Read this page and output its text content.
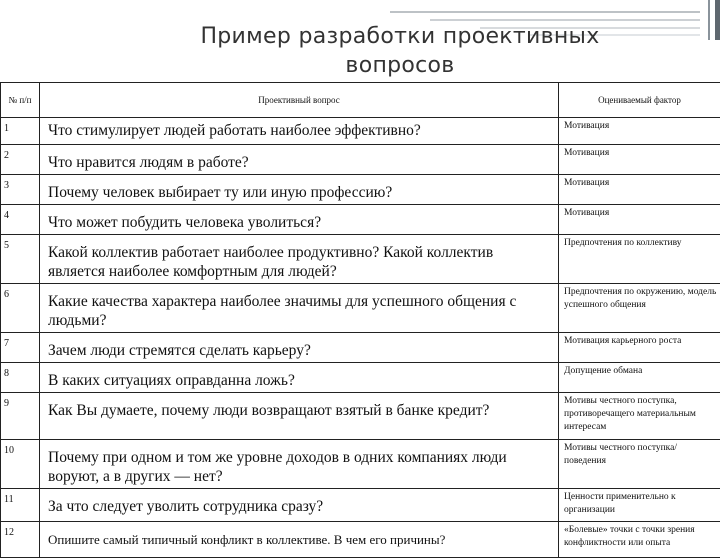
Пример разработки проективных вопросов
№ п/п	Проективный вопрос	Оцениваемый фактор
1	Что стимулирует людей работать наиболее эффективно?	Мотивация
2	Что нравится людям в работе?	Мотивация
3	Почему человек выбирает ту или иную профессию?	Мотивация
4	Что может побудить человека уволиться?	Мотивация
5	Какой коллектив работает наиболее продуктивно? Какой коллектив является наиболее комфортным для людей?	Предпочтения по коллективу
6	Какие качества характера наиболее значимы для успешного общения с людьми?	Предпочтения по окружению, модель успешного общения
7	Зачем люди стремятся сделать карьеру?	Мотивация карьерного роста
8	В каких ситуациях оправданна ложь?	Допущение обмана
9	Как Вы думаете, почему люди возвращают взятый в банке кредит?	Мотивы честного поступка, противоречащего материальным интересам
10	Почему при одном и том же уровне доходов в одних компаниях люди воруют, а в других — нет?	Мотивы честного поступка/поведения
11	За что следует уволить сотрудника сразу?	Ценности применительно к организации
12	Опишите самый типичный конфликт в коллективе. В чем его причины?	«Болевые» точки с точки зрения конфликтности или опыта
